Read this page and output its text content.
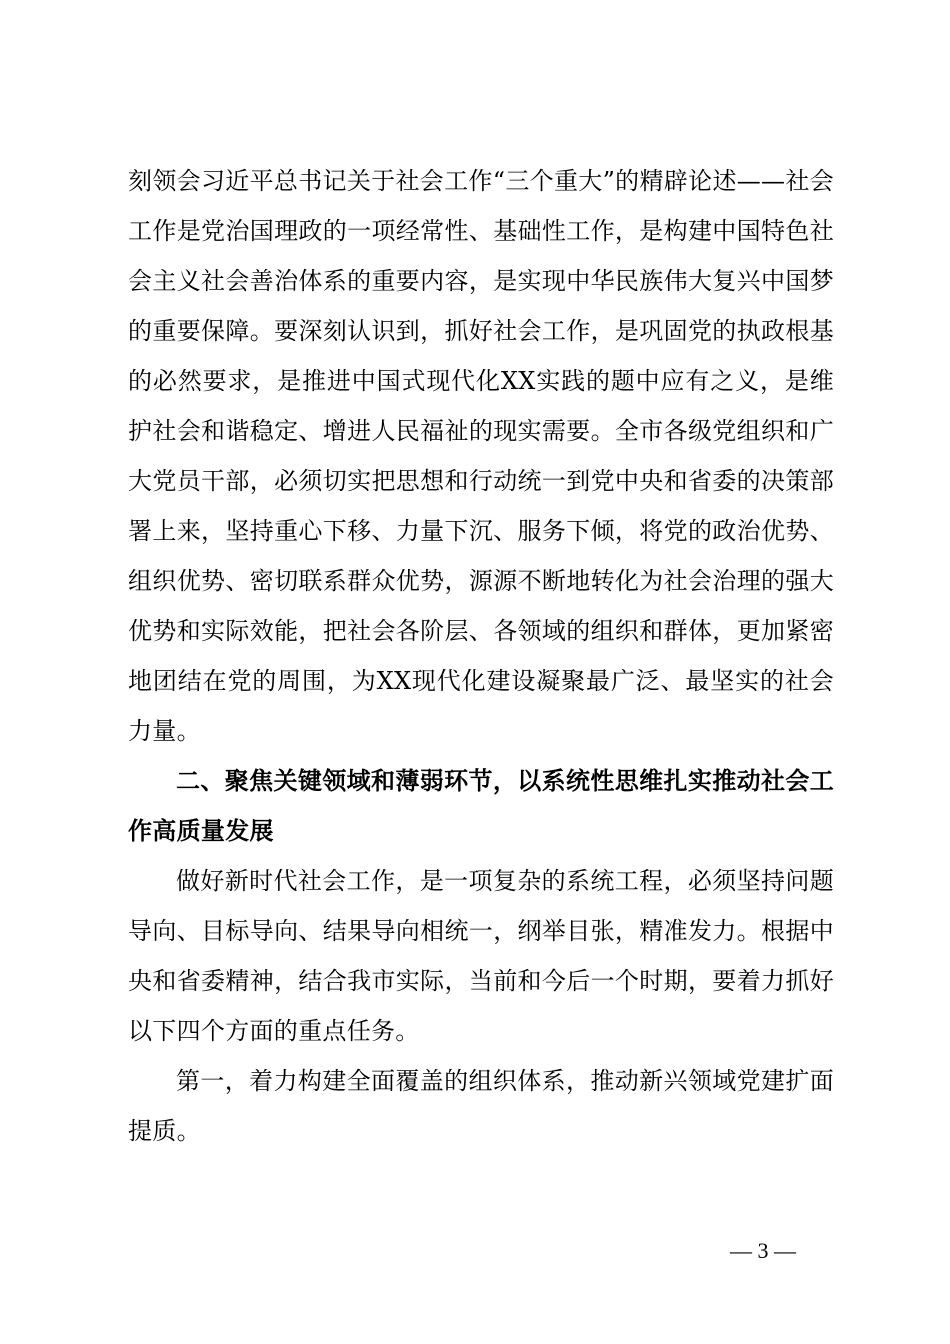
刻领会习近平总书记关于社会工作“三个重大”的精辟论述——社会工作是党治国理政的一项经常性、基础性工作，是构建中国特色社会主义社会善治体系的重要内容，是实现中华民族伟大复兴中国梦的重要保障。要深刻认识到，抓好社会工作，是巩固党的执政根基的必然要求，是推进中国式现代化XX实践的题中应有之义，是维护社会和谐稳定、增进人民福祉的现实需要。全市各级党组织和广大党员干部，必须切实把思想和行动统一到党中央和省委的决策部署上来，坚持重心下移、力量下沉、服务下倾，将党的政治优势、组织优势、密切联系群众优势，源源不断地转化为社会治理的强大优势和实际效能，把社会各阶层、各领域的组织和群体，更加紧密地团结在党的周围，为XX现代化建设凝聚最广泛、最坚实的社会力量。

二、聚焦关键领域和薄弱环节，以系统性思维扎实推动社会工作高质量发展

做好新时代社会工作，是一项复杂的系统工程，必须坚持问题导向、目标导向、结果导向相统一，纲举目张，精准发力。根据中央和省委精神，结合我市实际，当前和今后一个时期，要着力抓好以下四个方面的重点任务。

第一，着力构建全面覆盖的组织体系，推动新兴领域党建扩面提质。

— 3 —
